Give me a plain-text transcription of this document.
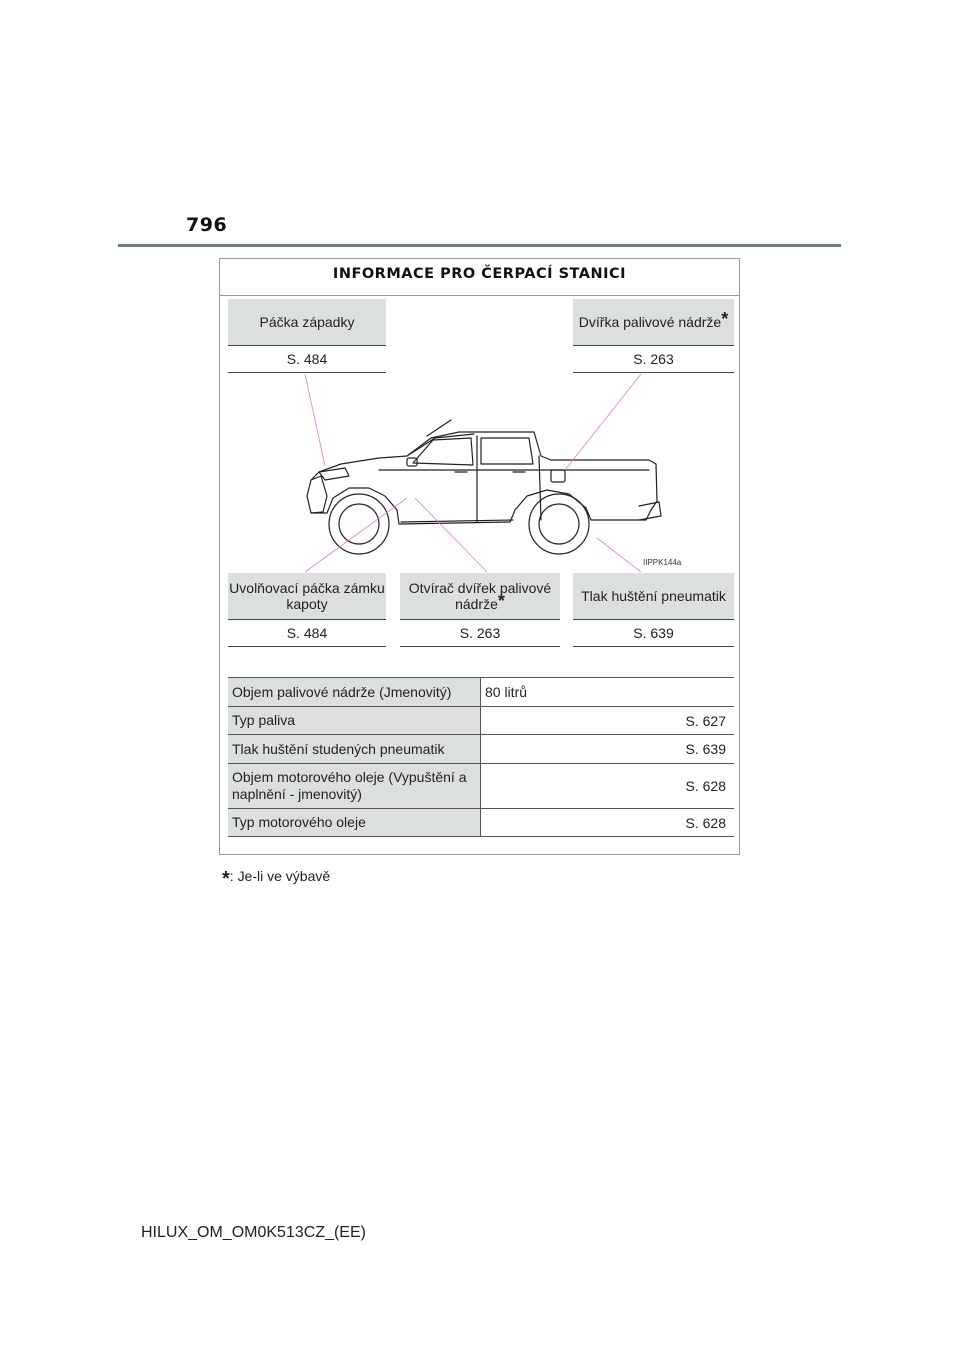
796
INFORMACE PRO ČERPACÍ STANICI
Páčka západky
S. 484
Dvířka palivové nádrže*
S. 263
IIPPK144a
Uvolňovací páčka zámku kapoty
S. 484
Otvírač dvířek palivové nádrže*
S. 263
Tlak huštění pneumatik
S. 639
Objem palivové nádrže (Jmenovitý)	80 litrů
Typ paliva	S. 627
Tlak huštění studených pneumatik	S. 639
Objem motorového oleje (Vypuštění a naplnění - jmenovitý)	S. 628
Typ motorového oleje	S. 628
*: Je-li ve výbavě
HILUX_OM_OM0K513CZ_(EE)
